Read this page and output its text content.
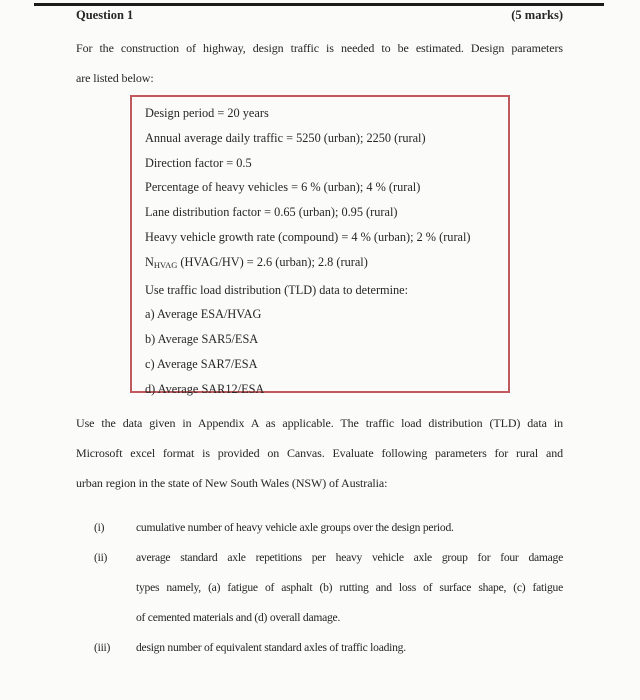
Question 1	(5 marks)
For the construction of highway, design traffic is needed to be estimated. Design parameters
are listed below:
Design period = 20 years
Annual average daily traffic = 5250 (urban); 2250 (rural)
Direction factor = 0.5
Percentage of heavy vehicles = 6 % (urban); 4 % (rural)
Lane distribution factor = 0.65 (urban); 0.95 (rural)
Heavy vehicle growth rate (compound) = 4 % (urban); 2 % (rural)
NHVAG (HVAG/HV) = 2.6 (urban); 2.8 (rural)
Use traffic load distribution (TLD) data to determine:
a) Average ESA/HVAG
b) Average SAR5/ESA
c) Average SAR7/ESA
d) Average SAR12/ESA
Use the data given in Appendix A as applicable. The traffic load distribution (TLD) data in
Microsoft excel format is provided on Canvas. Evaluate following parameters for rural and
urban region in the state of New South Wales (NSW) of Australia:
(i)	cumulative number of heavy vehicle axle groups over the design period.
(ii)	average standard axle repetitions per heavy vehicle axle group for four damage
types namely, (a) fatigue of asphalt (b) rutting and loss of surface shape, (c) fatigue
of cemented materials and (d) overall damage.
(iii)	design number of equivalent standard axles of traffic loading.
